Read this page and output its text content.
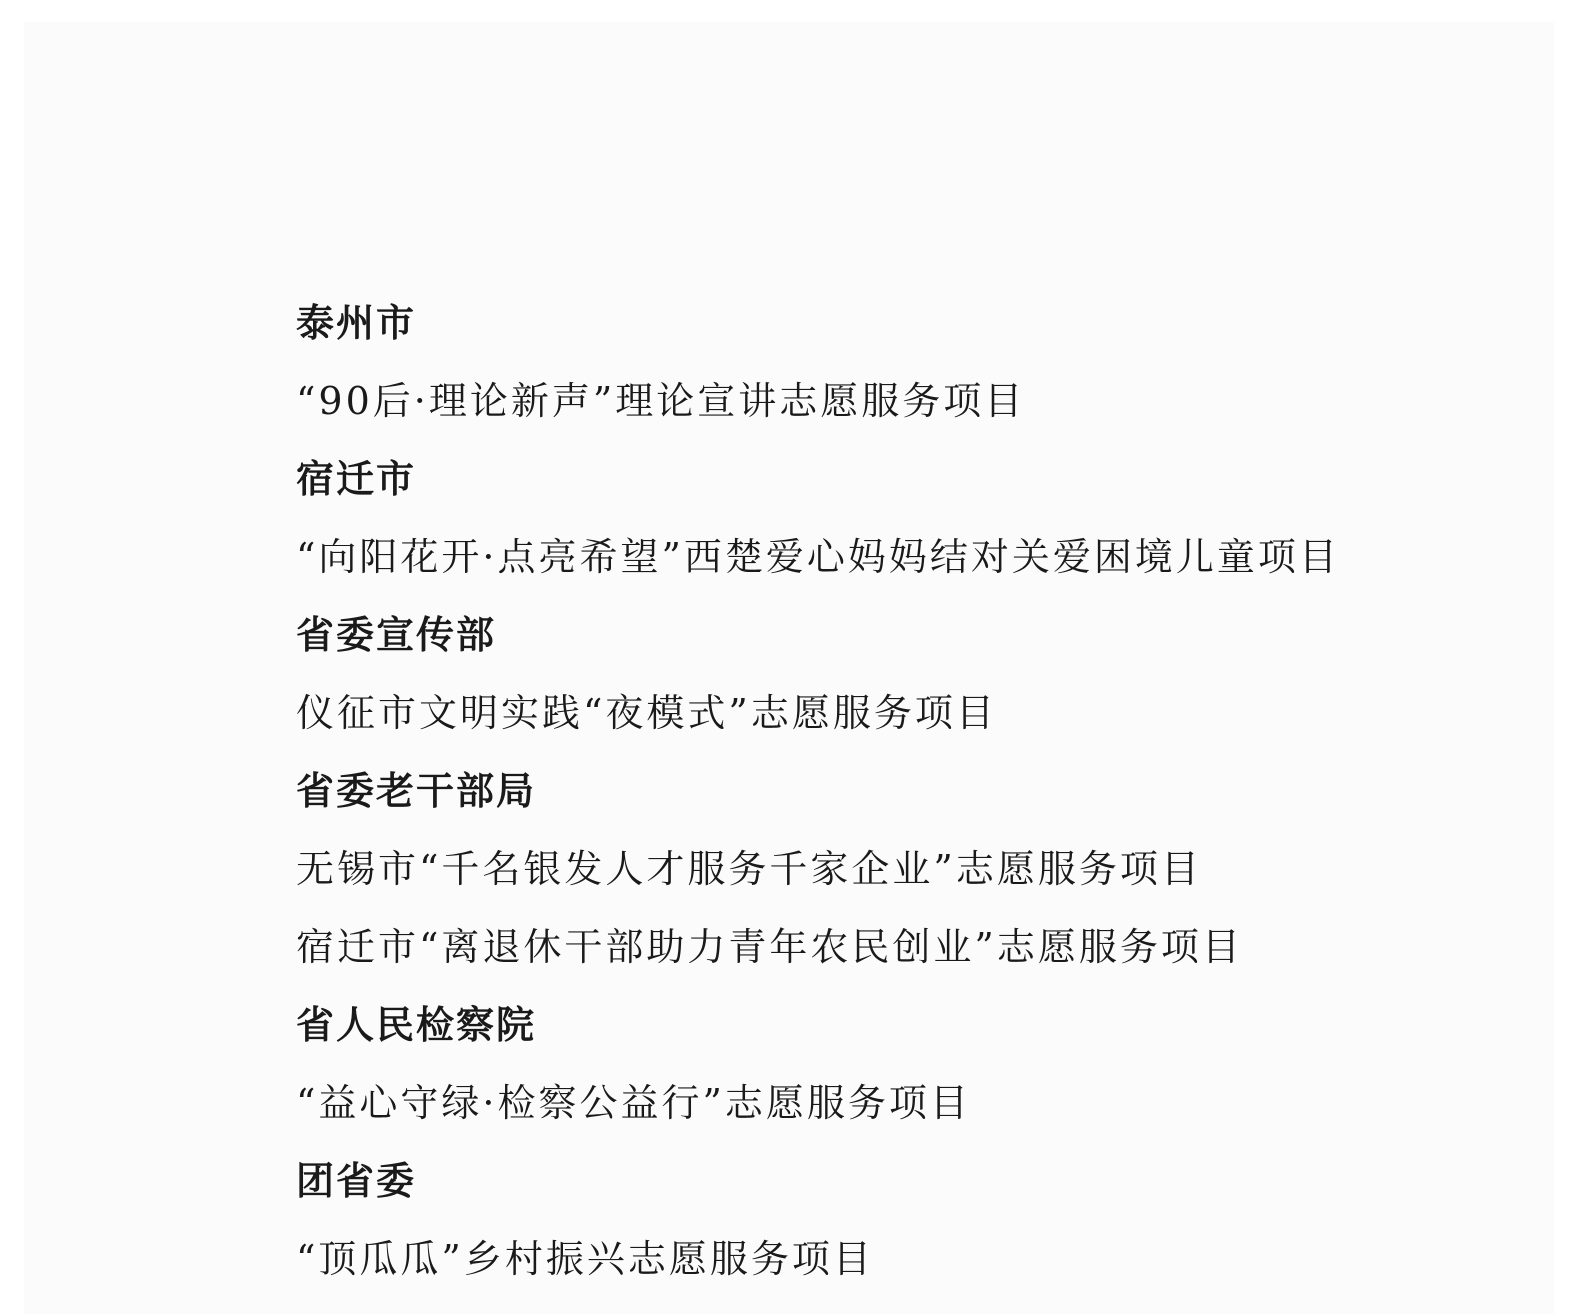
泰州市
“90后·理论新声”理论宣讲志愿服务项目
宿迁市
“向阳花开·点亮希望”西楚爱心妈妈结对关爱困境儿童项目
省委宣传部
仪征市文明实践“夜模式”志愿服务项目
省委老干部局
无锡市“千名银发人才服务千家企业”志愿服务项目
宿迁市“离退休干部助力青年农民创业”志愿服务项目
省人民检察院
“益心守绿·检察公益行”志愿服务项目
团省委
“顶瓜瓜”乡村振兴志愿服务项目
